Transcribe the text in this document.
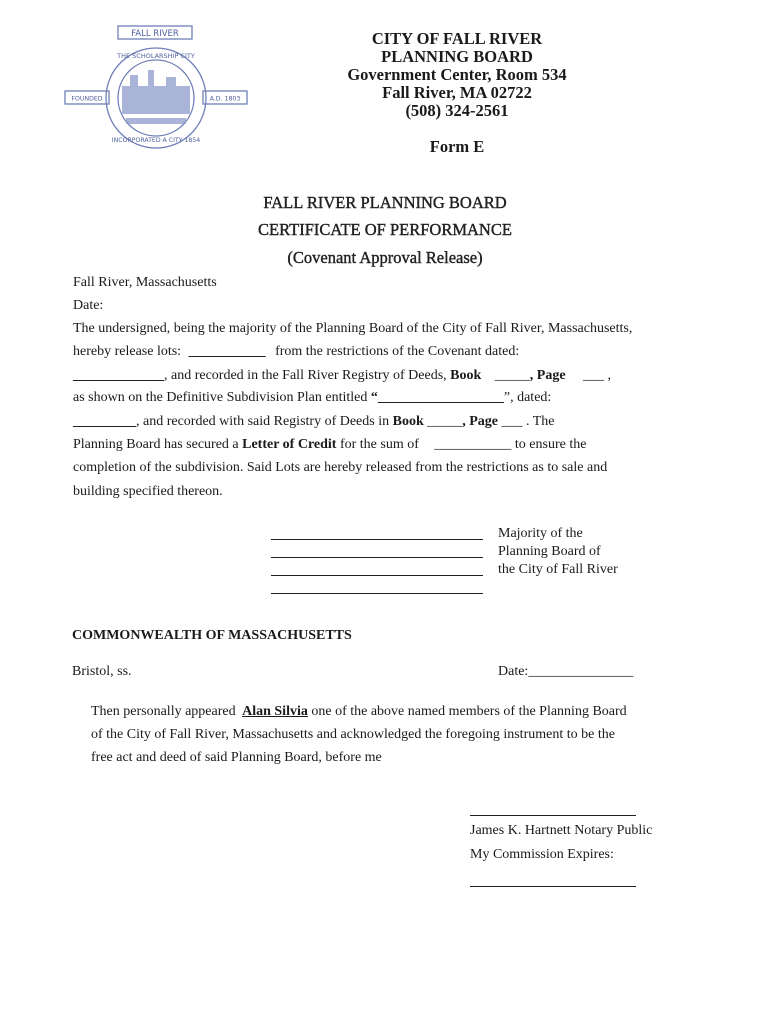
FALL RIVER
FOUNDED	A.D. 1803
THE SCHOLARSHIP CITY
INCORPORATED A CITY 1854
CITY OF FALL RIVER
PLANNING BOARD
Government Center, Room 534
Fall River, MA 02722
(508) 324-2561
Form E
FALL RIVER PLANNING BOARD
CERTIFICATE OF PERFORMANCE
(Covenant Approval Release)
Fall River, Massachusetts
Date:
The undersigned, being the majority of the Planning Board of the City of Fall River, Massachusetts,
hereby release lots: ___________ from the restrictions of the Covenant dated:
_____________, and recorded in the Fall River Registry of Deeds, Book _____, Page ___ ,
as shown on the Definitive Subdivision Plan entitled “__________________”, dated:
_________, and recorded with said Registry of Deeds in Book _____, Page ___ . The
Planning Board has secured a Letter of Credit for the sum of ___________ to ensure the
completion of the subdivision. Said Lots are hereby released from the restrictions as to sale and
building specified thereon.
Majority of the
Planning Board of
the City of Fall River
COMMONWEALTH OF MASSACHUSETTS
Bristol, ss.	Date:_______________
Then personally appeared Alan Silvia one of the above named members of the Planning Board
of the City of Fall River, Massachusetts and acknowledged the foregoing instrument to be the
free act and deed of said Planning Board, before me
James K. Hartnett Notary Public
My Commission Expires:
